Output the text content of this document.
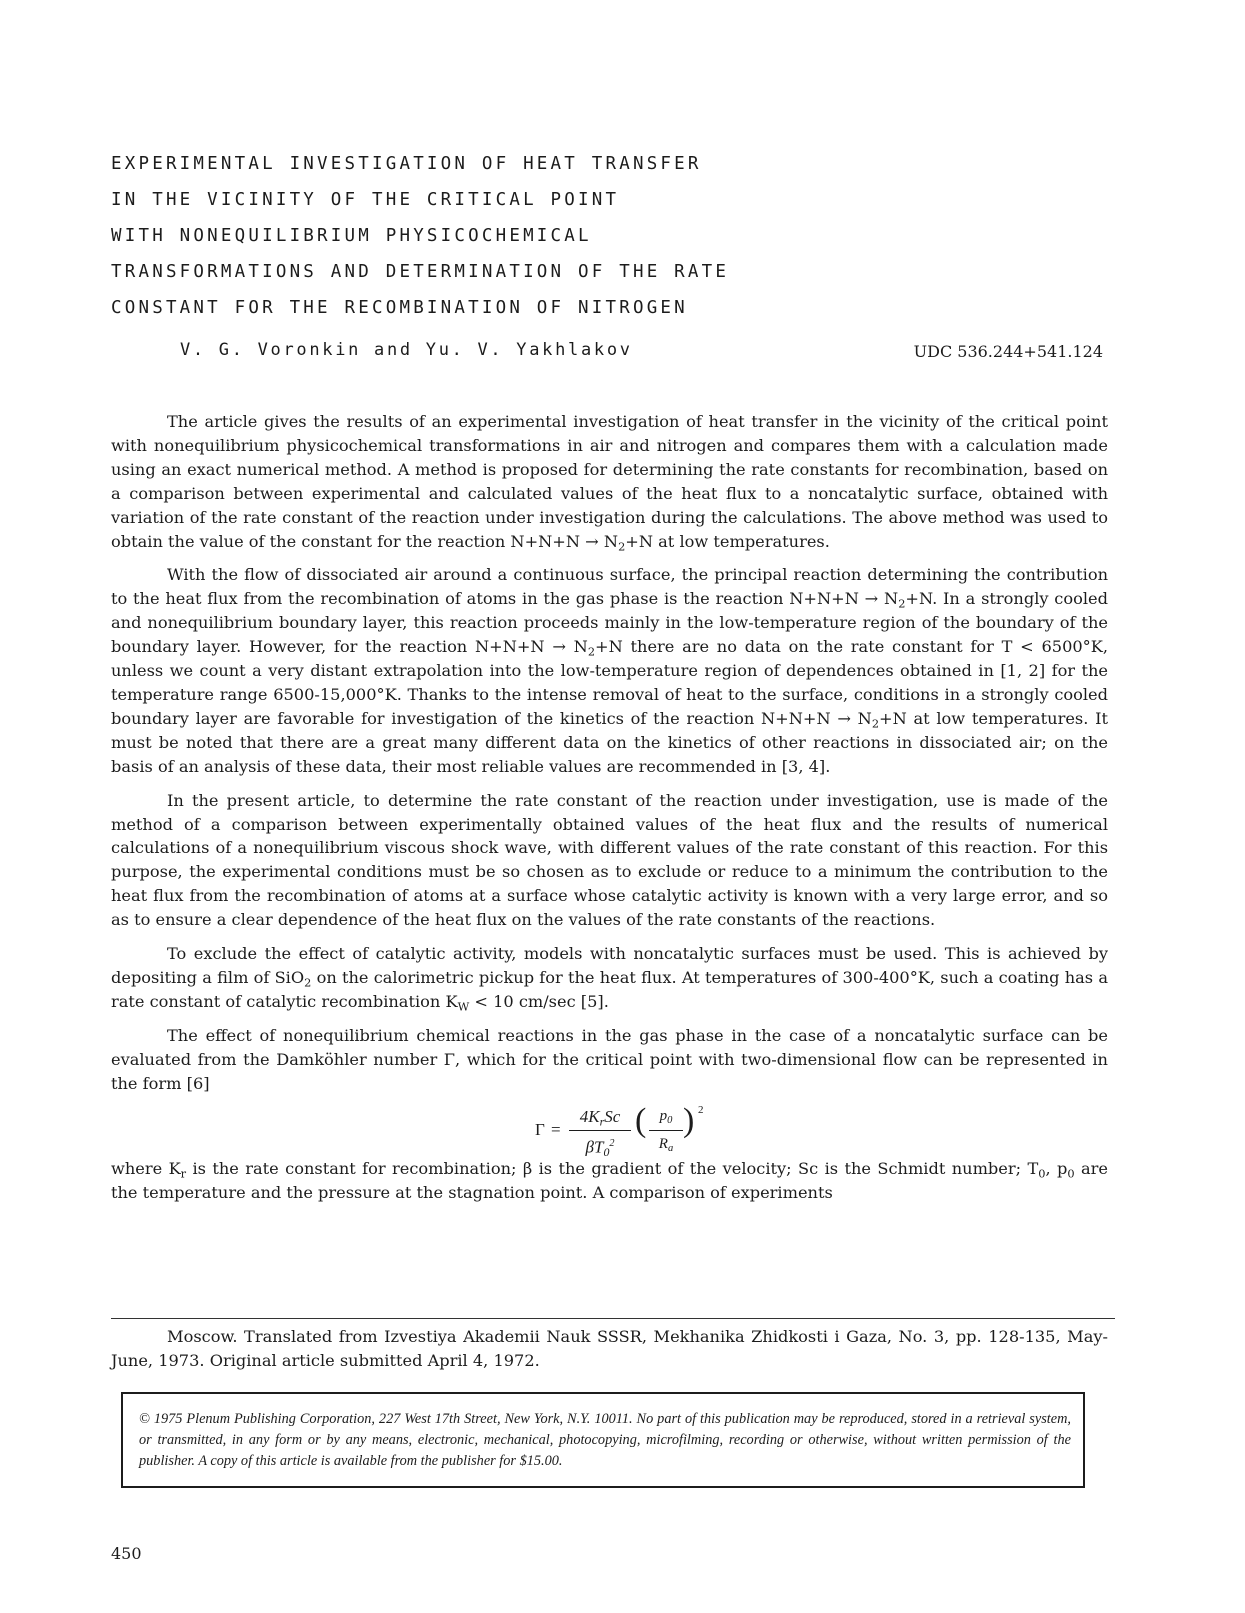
EXPERIMENTAL INVESTIGATION OF HEAT TRANSFER
IN THE VICINITY OF THE CRITICAL POINT
WITH NONEQUILIBRIUM PHYSICOCHEMICAL
TRANSFORMATIONS AND DETERMINATION OF THE RATE
CONSTANT FOR THE RECOMBINATION OF NITROGEN
V. G. Voronkin and Yu. V. Yakhlakov	UDC 536.244+541.124

The article gives the results of an experimental investigation of heat transfer in the vicinity of the critical point with nonequilibrium physicochemical transformations in air and nitrogen and compares them with a calculation made using an exact numerical method. A method is proposed for determining the rate constants for recombination, based on a comparison between experimental and calculated values of the heat flux to a noncatalytic surface, obtained with variation of the rate constant of the reaction under investigation during the calculations. The above method was used to obtain the value of the constant for the reaction $N+N+N \to N_2+N$ at low temperatures.

With the flow of dissociated air around a continuous surface, the principal reaction determining the contribution to the heat flux from the recombination of atoms in the gas phase is the reaction $N+N+N \to N_2+N$. In a strongly cooled and nonequilibrium boundary layer, this reaction proceeds mainly in the low-temperature region of the boundary of the boundary layer. However, for the reaction $N+N+N \to N_2+N$ there are no data on the rate constant for T < 6500°K, unless we count a very distant extrapolation into the low-temperature region of dependences obtained in [1, 2] for the temperature range 6500-15,000°K. Thanks to the intense removal of heat to the surface, conditions in a strongly cooled boundary layer are favorable for investigation of the kinetics of the reaction $N+N+N \to N_2+N$ at low temperatures. It must be noted that there are a great many different data on the kinetics of other reactions in dissociated air; on the basis of an analysis of these data, their most reliable values are recommended in [3, 4].

In the present article, to determine the rate constant of the reaction under investigation, use is made of the method of a comparison between experimentally obtained values of the heat flux and the results of numerical calculations of a nonequilibrium viscous shock wave, with different values of the rate constant of this reaction. For this purpose, the experimental conditions must be so chosen as to exclude or reduce to a minimum the contribution to the heat flux from the recombination of atoms at a surface whose catalytic activity is known with a very large error, and so as to ensure a clear dependence of the heat flux on the values of the rate constants of the reactions.

To exclude the effect of catalytic activity, models with noncatalytic surfaces must be used. This is achieved by depositing a film of SiO$_2$ on the calorimetric pickup for the heat flux. At temperatures of 300-400°K, such a coating has a rate constant of catalytic recombination $K_W < 10$ cm/sec [5].

The effect of nonequilibrium chemical reactions in the gas phase in the case of a noncatalytic surface can be evaluated from the Damköhler number Γ, which for the critical point with two-dimensional flow can be represented in the form [6]

Γ =
$4K_rSc$
$\beta T_0^2$
( $\frac{p_0}{R_a}$ ) 2

where $K_r$ is the rate constant for recombination; β is the gradient of the velocity; Sc is the Schmidt number; $T_0$, $p_0$ are the temperature and the pressure at the stagnation point. A comparison of experiments

Moscow. Translated from Izvestiya Akademii Nauk SSSR, Mekhanika Zhidkosti i Gaza, No. 3, pp. 128-135, May-June, 1973. Original article submitted April 4, 1972.
© 1975 Plenum Publishing Corporation, 227 West 17th Street, New York, N.Y. 10011. No part of this publication may be reproduced, stored in a retrieval system, or transmitted, in any form or by any means, electronic, mechanical, photocopying, microfilming, recording or otherwise, without written permission of the publisher. A copy of this article is available from the publisher for $15.00.
450
